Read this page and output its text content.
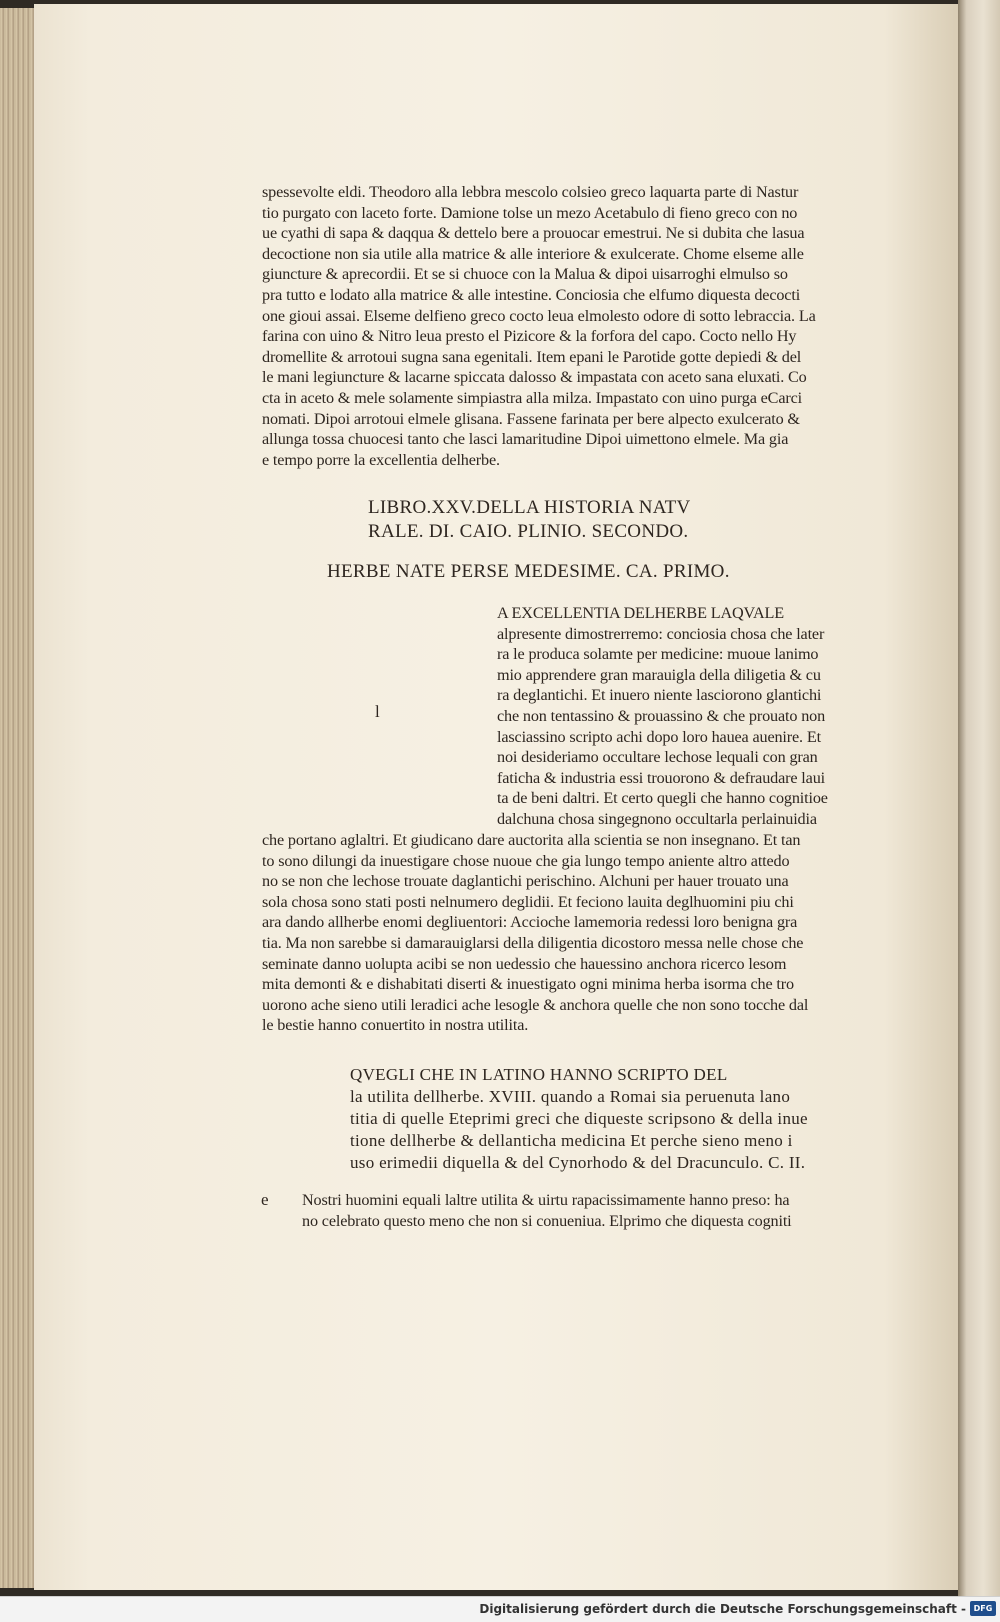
spessevolte eldi. Theodoro alla lebbra mescolo colsieo greco laquarta parte di Nastur
tio purgato con laceto forte. Damione tolse un mezo Acetabulo di fieno greco con no
ue cyathi di sapa & daqqua & dettelo bere a prouocar emestrui. Ne si dubita che lasua
decoctione non sia utile alla matrice & alle interiore & exulcerate. Chome elseme alle
giuncture & aprecordii. Et se si chuoce con la Malua & dipoi uisarroghi elmulso so
pra tutto e lodato alla matrice & alle intestine. Conciosia che elfumo diquesta decocti
one gioui assai. Elseme delfieno greco cocto leua elmolesto odore di sotto lebraccia. La
farina con uino & Nitro leua presto el Pizicore & la forfora del capo. Cocto nello Hy
dromellite & arrotoui sugna sana egenitali. Item epani le Parotide gotte depiedi & del
le mani legiuncture & lacarne spiccata dalosso & impastata con aceto sana eluxati. Co
cta in aceto & mele solamente simpiastra alla milza. Impastato con uino purga eCarci
nomati. Dipoi arrotoui elmele glisana. Fassene farinata per bere alpecto exulcerato &
allunga tossa chuocesi tanto che lasci lamaritudine Dipoi uimettono elmele. Ma gia
e tempo porre la excellentia delherbe.
LIBRO.XXV.DELLA HISTORIA NATV
RALE. DI. CAIO. PLINIO. SECONDO.
HERBE NATE PERSE MEDESIME. CA. PRIMO.
l
A EXCELLENTIA DELHERBE LAQVALE
alpresente dimostrerremo: conciosia chosa che later
ra le produca solamte per medicine: muoue lanimo
mio apprendere gran marauigla della diligetia & cu
ra deglantichi. Et inuero niente lasciorono glantichi
che non tentassino & prouassino & che prouato non
lasciassino scripto achi dopo loro hauea auenire. Et
noi desideriamo occultare lechose lequali con gran
faticha & industria essi trouorono & defraudare laui
ta de beni daltri. Et certo quegli che hanno cognitioe
dalchuna chosa singegnono occultarla perlainuidia
che portano aglaltri. Et giudicano dare auctorita alla scientia se non insegnano. Et tan
to sono dilungi da inuestigare chose nuoue che gia lungo tempo aniente altro attedo
no se non che lechose trouate daglantichi perischino. Alchuni per hauer trouato una
sola chosa sono stati posti nelnumero deglidii. Et feciono lauita deglhuomini piu chi
ara dando allherbe enomi degliuentori: Accioche lamemoria redessi loro benigna gra
tia. Ma non sarebbe si damarauiglarsi della diligentia dicostoro messa nelle chose che
seminate danno uolupta acibi se non uedessio che hauessino anchora ricerco lesom
mita demonti & e dishabitati diserti & inuestigato ogni minima herba isorma che tro
uorono ache sieno utili leradici ache lesogle & anchora quelle che non sono tocche dal
le bestie hanno conuertito in nostra utilita.
QVEGLI CHE IN LATINO HANNO SCRIPTO DEL
la utilita dellherbe. XVIII. quando a Romai sia peruenuta lano
titia di quelle Eteprimi greci che diqueste scripsono & della inue
tione dellherbe & dellanticha medicina Et perche sieno meno i
uso erimedii diquella & del Cynorhodo & del Dracunculo. C. II.
e Nostri huomini equali laltre utilita & uirtu rapacissimamente hanno preso: ha
no celebrato questo meno che non si conueniua. Elprimo che diquesta cogniti
Digitalisierung gefördert durch die Deutsche Forschungsgemeinschaft - DFG
